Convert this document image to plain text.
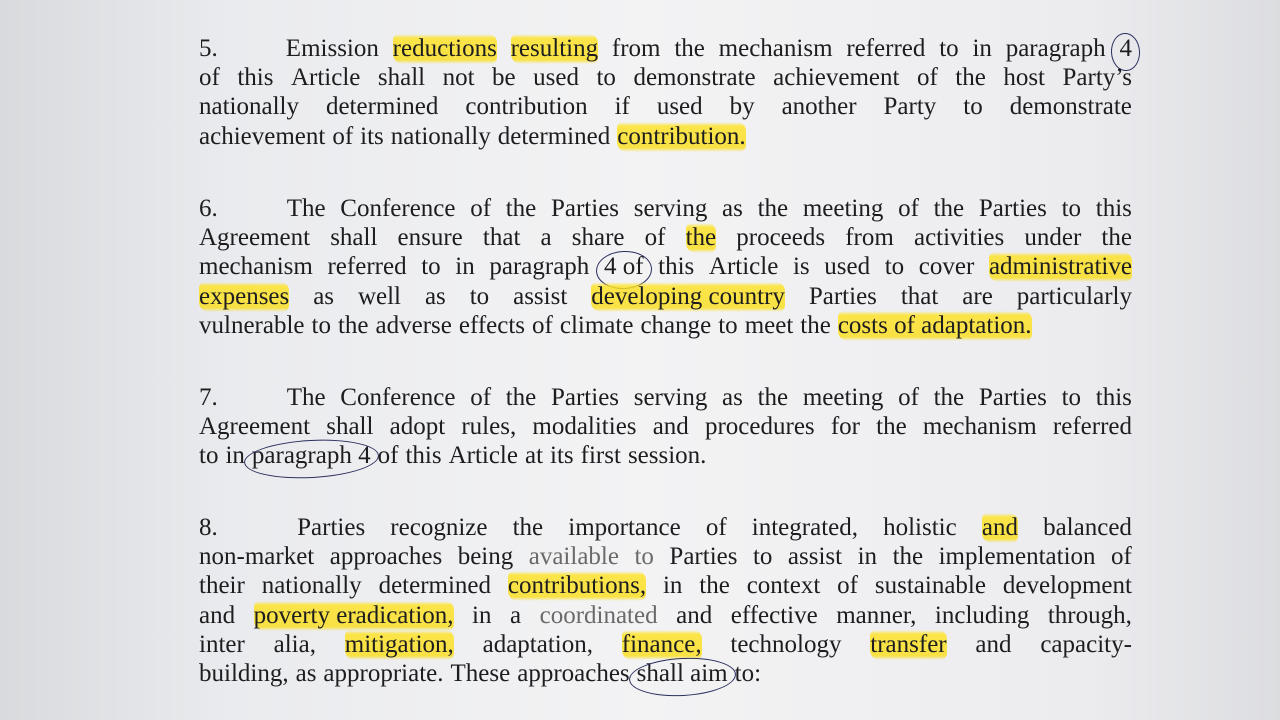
5.	Emission reductions resulting from the mechanism referred to in paragraph 4
of this Article shall not be used to demonstrate achievement of the host Party’s
nationally determined contribution if used by another Party to demonstrate
achievement of its nationally determined contribution.
6.	The Conference of the Parties serving as the meeting of the Parties to this
Agreement shall ensure that a share of the proceeds from activities under the
mechanism referred to in paragraph 4 of this Article is used to cover administrative
expenses as well as to assist developing country Parties that are particularly
vulnerable to the adverse effects of climate change to meet the costs of adaptation.
7.	The Conference of the Parties serving as the meeting of the Parties to this
Agreement shall adopt rules, modalities and procedures for the mechanism referred
to in paragraph 4 of this Article at its first session.
8.	Parties recognize the importance of integrated, holistic and balanced
non-market approaches being available to Parties to assist in the implementation of
their nationally determined contributions, in the context of sustainable development
and poverty eradication, in a coordinated and effective manner, including through,
inter alia, mitigation, adaptation, finance, technology transfer and capacity-
building, as appropriate. These approaches shall aim to:
